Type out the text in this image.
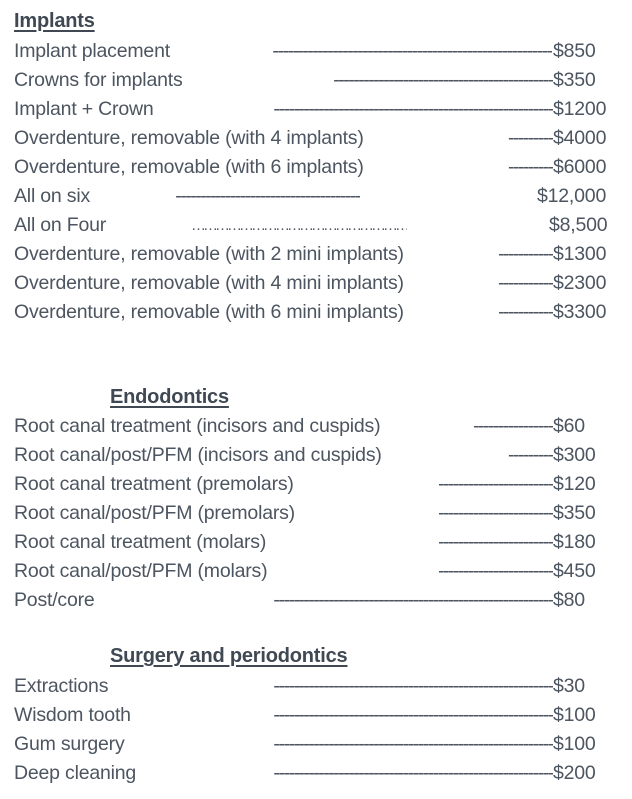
Implants
Implant placement	-------------------------------------------------------- $850
Crowns for implants	-------------------------------------------- $350
Implant + Crown	-------------------------------------------------------- $1200
Overdenture, removable (with 4 implants)	--------- $4000
Overdenture, removable (with 6 implants)	--------- $6000
All on six	-------------------------------------	$12,000
All on Four	………………………………………………	$8,500
Overdenture, removable (with 2 mini implants)	----------- $1300
Overdenture, removable (with 4 mini implants)	----------- $2300
Overdenture, removable (with 6 mini implants)	----------- $3300
Endodontics
Root canal treatment (incisors and cuspids)	---------------- $60
Root canal/post/PFM (incisors and cuspids)	--------- $300
Root canal treatment (premolars)	----------------------- $120
Root canal/post/PFM (premolars)	----------------------- $350
Root canal treatment (molars)	----------------------- $180
Root canal/post/PFM (molars)	----------------------- $450
Post/core	-------------------------------------------------------- $80
Surgery and periodontics
Extractions	-------------------------------------------------------- $30
Wisdom tooth	-------------------------------------------------------- $100
Gum surgery	-------------------------------------------------------- $100
Deep cleaning	-------------------------------------------------------- $200
